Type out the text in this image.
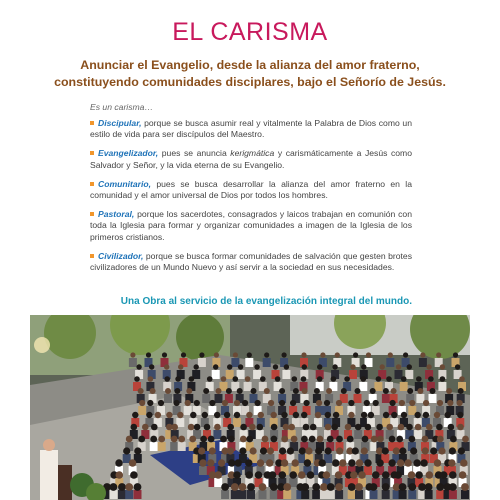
EL CARISMA
Anunciar el Evangelio, desde la alianza del amor fraterno,
constituyendo comunidades disciplares, bajo el Señorío de Jesús.
Es un carisma…
Discipular, porque se busca asumir real y vitalmente la Palabra de Dios como un estilo de vida para ser discípulos del Maestro.
Evangelizador, pues se anuncia kerigmática y carismáticamente a Jesús como Salvador y Señor, y la vida eterna de su Evangelio.
Comunitario, pues se busca desarrollar la alianza del amor fraterno en la comunidad y el amor universal de Dios por todos los hombres.
Pastoral, porque los sacerdotes, consagrados y laicos trabajan en comunión con toda la Iglesia para formar y organizar comunidades a imagen de la Iglesia de los primeros cristianos.
Civilizador, porque se busca formar comunidades de salvación que gesten brotes civilizadores de un Mundo Nuevo y así servir a la sociedad en sus necesidades.
Una Obra al servicio de la evangelización integral del mundo.
